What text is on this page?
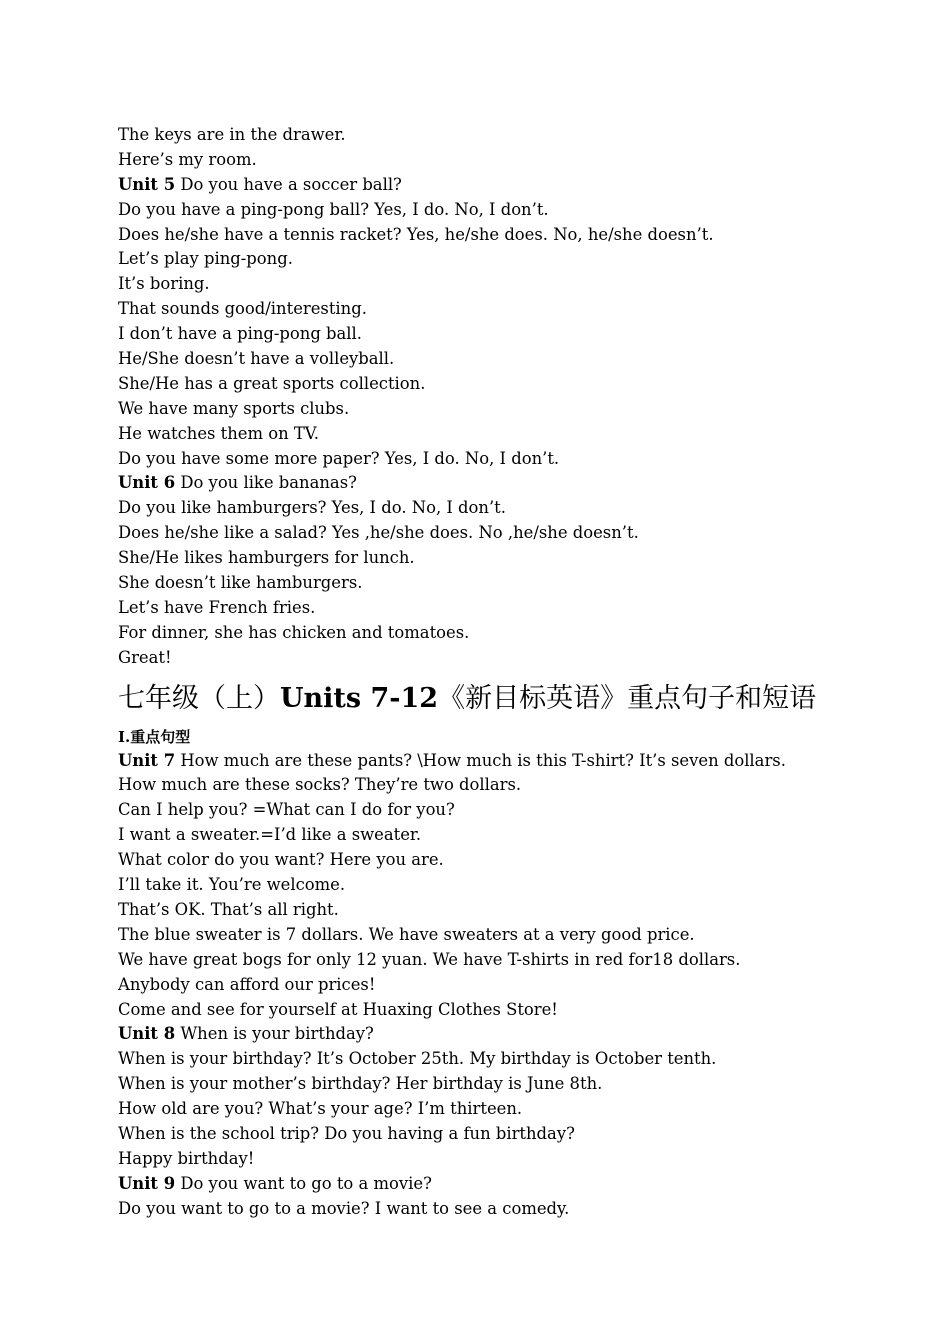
The keys are in the drawer.
Here’s my room.
Unit 5 Do you have a soccer ball?
Do you have a ping-pong ball? Yes, I do. No, I don’t.
Does he/she have a tennis racket? Yes, he/she does. No, he/she doesn’t.
Let’s play ping-pong.
It’s boring.
That sounds good/interesting.
I don’t have a ping-pong ball.
He/She doesn’t have a volleyball.
She/He has a great sports collection.
We have many sports clubs.
He watches them on TV.
Do you have some more paper? Yes, I do. No, I don’t.
Unit 6 Do you like bananas?
Do you like hamburgers? Yes, I do. No, I don’t.
Does he/she like a salad? Yes ,he/she does. No ,he/she doesn’t.
She/He likes hamburgers for lunch.
She doesn’t like hamburgers.
Let’s have French fries.
For dinner, she has chicken and tomatoes.
Great!
七年级（上）Units 7-12《新目标英语》重点句子和短语
I.重点句型
Unit 7 How much are these pants? \How much is this T-shirt? It’s seven dollars.
How much are these socks? They’re two dollars.
Can I help you? =What can I do for you?
I want a sweater.=I’d like a sweater.
What color do you want? Here you are.
I’ll take it. You’re welcome.
That’s OK. That’s all right.
The blue sweater is 7 dollars. We have sweaters at a very good price.
We have great bogs for only 12 yuan. We have T-shirts in red for18 dollars.
Anybody can afford our prices!
Come and see for yourself at Huaxing Clothes Store!
Unit 8 When is your birthday?
When is your birthday? It’s October 25th. My birthday is October tenth.
When is your mother’s birthday? Her birthday is June 8th.
How old are you? What’s your age? I’m thirteen.
When is the school trip? Do you having a fun birthday?
Happy birthday!
Unit 9 Do you want to go to a movie?
Do you want to go to a movie? I want to see a comedy.
